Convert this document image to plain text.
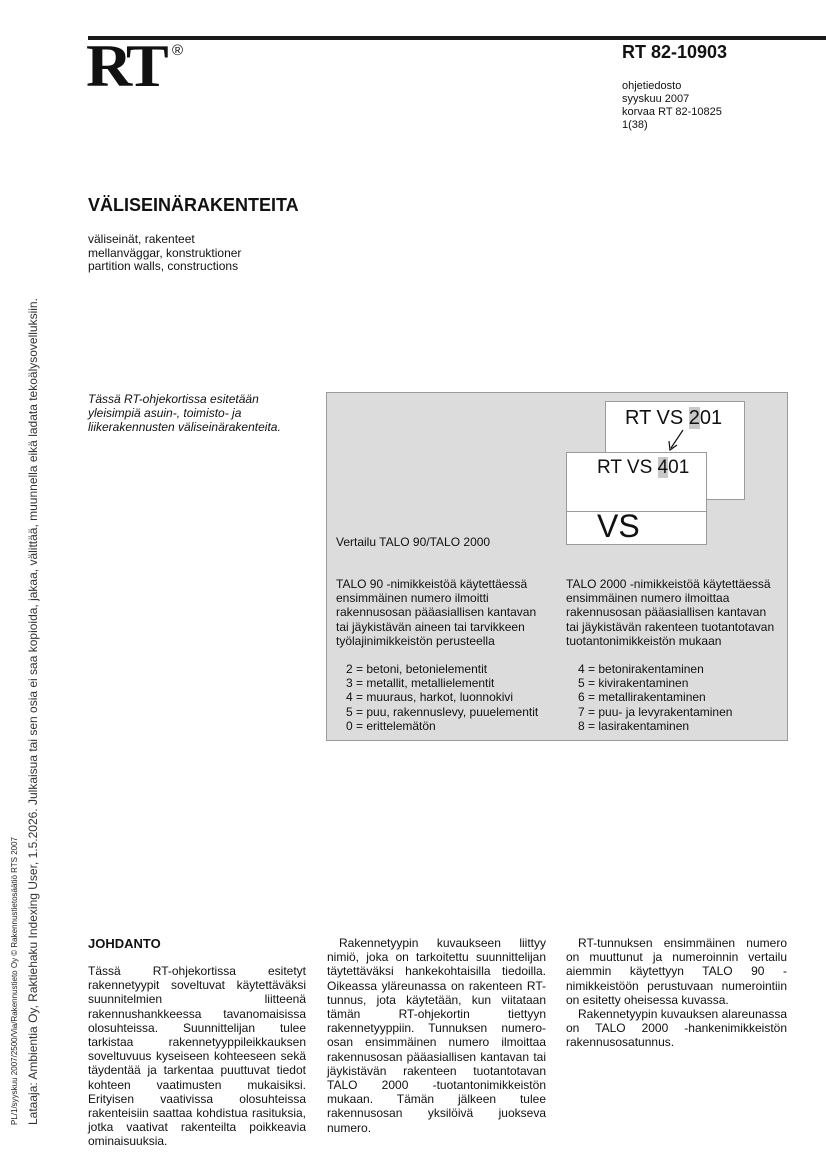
RT ®	RT 82-10903
ohjetiedosto
syyskuu 2007
korvaa RT 82-10825
1(38)
VÄLISEINÄRAKENTEITA
väliseinät, rakenteet
mellanväggar, konstruktioner
partition walls, constructions
Tässä RT-ohjekortissa esitetään yleisimpiä asuin-, toimisto- ja liikerakennusten väliseinärakenteita.
PL/1/syyskuu 2007/2500/Via/Rakennustieto Oy © Rakennustietosäätiö RTS 2007 Lataaja: Ambientia Oy, Raktiehaku Indexing User, 1.5.2026. Julkaisua tai sen osia ei saa kopioida, jakaa, välittää, muunnella eikä ladata tekoälysovelluksiin.	RT VS 201
RT VS 401
VS
Vertailu TALO 90/TALO 2000
TALO 90 -nimikkeistöä käytettäessä ensimmäinen numero ilmoitti rakennusosan pääasiallisen kantavan tai jäykistävän aineen tai tarvikkeen työlajinimikkeistön perusteella
TALO 2000 -nimikkeistöä käytettäessä ensimmäinen numero ilmoittaa rakennusosan pääasiallisen kantavan tai jäykistävän rakenteen tuotantotavan tuotantonimikkeistön mukaan
2 = betoni, betonielementit
3 = metallit, metallielementit
4 = muuraus, harkot, luonnokivi
5 = puu, rakennuslevy, puuelementit
0 = erittelemätön
4 = betonirakentaminen
5 = kivirakentaminen
6 = metallirakentaminen
7 = puu- ja levyrakentaminen
8 = lasirakentaminen
JOHDANTO

Tässä RT-ohjekortissa esitetyt rakennetyypit soveltuvat käytettäväksi suunnitelmien liitteenä rakennushankkeessa tavanomaisissa olosuhteissa. Suunnittelijan tulee tarkistaa rakennetyyppileikkauksen soveltuvuus kyseiseen kohteeseen sekä täydentää ja tarkentaa puuttuvat tiedot kohteen vaatimusten mukaisiksi. Erityisen vaativissa olosuhteissa rakenteisiin saattaa kohdistua rasituksia, jotka vaativat rakenteilta poikkeavia ominaisuuksia.

Rakennetyypin kuvaukseen liittyy nimiö, joka on tarkoitettu suunnittelijan täytettäväksi hankekohtaisilla tiedoilla. Oikeassa yläreunassa on rakenteen RT-tunnus, jota käytetään, kun viitataan tämän RT-ohjekortin tiettyyn rakennetyyppiin. Tunnuksen numero-osan ensimmäinen numero ilmoittaa rakennusosan pääasiallisen kantavan tai jäykistävän rakenteen tuotantotavan TALO 2000 -tuotantonimikkeistön mukaan. Tämän jälkeen tulee rakennusosan yksilöivä juokseva numero.

RT-tunnuksen ensimmäinen numero on muuttunut ja numeroinnin vertailu aiemmin käytettyyn TALO 90 -nimikkeistöön perustuvaan numerointiin on esitetty oheisessa kuvassa.

Rakennetyypin kuvauksen alareunassa on TALO 2000 -hankenimikkeistön rakennusosatunnus.
